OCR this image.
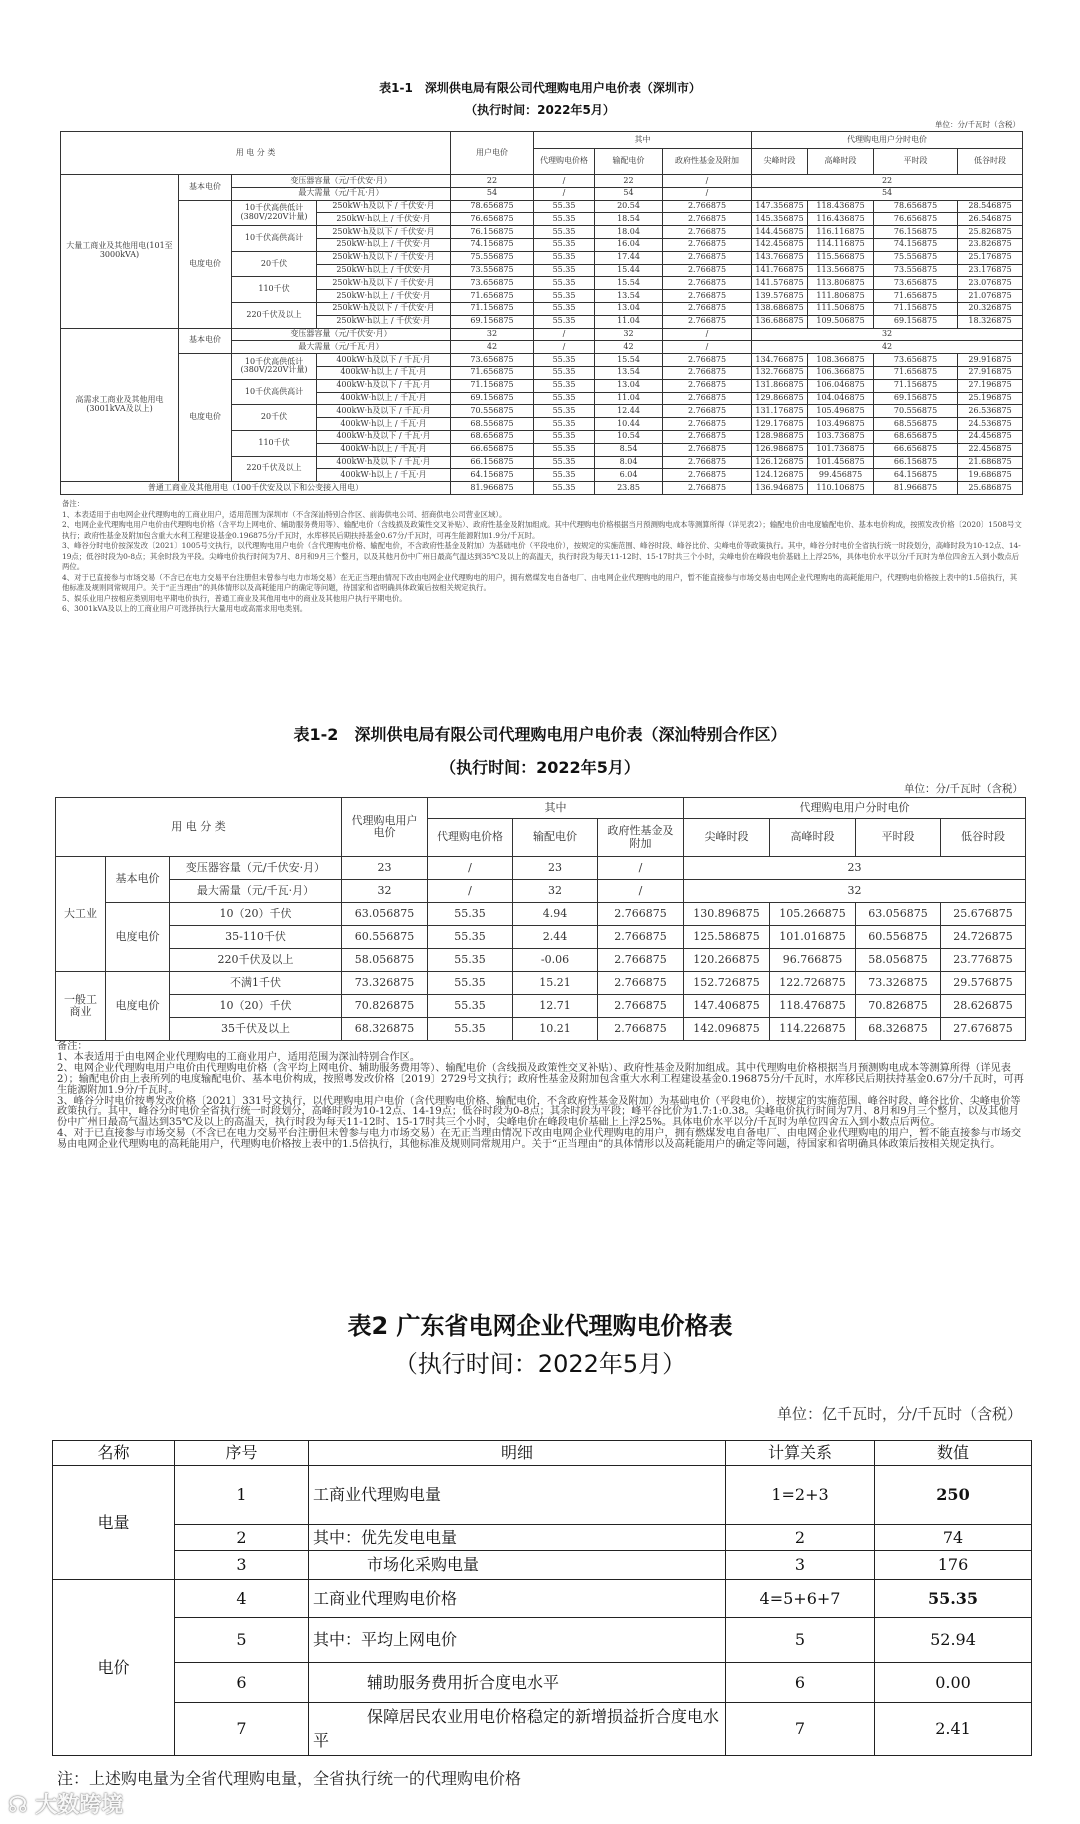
表1-1　深圳供电局有限公司代理购电用户电价表（深圳市）
（执行时间：2022年5月）
单位：分/千瓦时（含税）
用 电 分 类				用户电价	其中			代理购电用户分时电价			
					代理购电价格	输配电价	政府性基金及附加	尖峰时段	高峰时段	平时段	低谷时段
大量工商业及其他用电(101至3000kVA)	基本电价	变压器容量（元/千伏安·月）		22	/	22	/	22			
		最大需量（元/千瓦·月）		54	/	54	/	54			
	电度电价	10千伏高供低计
(380V/220V计量)	250kW·h及以下 / 千伏安·月	78.656875	55.35	20.54	2.766875	147.356875	118.436875	78.656875	28.546875
			250kW·h以上 / 千伏安·月	76.656875	55.35	18.54	2.766875	145.356875	116.436875	76.656875	26.546875
		10千伏高供高计	250kW·h及以下 / 千伏安·月	76.156875	55.35	18.04	2.766875	144.456875	116.116875	76.156875	25.826875
			250kW·h以上 / 千伏安·月	74.156875	55.35	16.04	2.766875	142.456875	114.116875	74.156875	23.826875
		20千伏	250kW·h及以下 / 千伏安·月	75.556875	55.35	17.44	2.766875	143.766875	115.566875	75.556875	25.176875
			250kW·h以上 / 千伏安·月	73.556875	55.35	15.44	2.766875	141.766875	113.566875	73.556875	23.176875
		110千伏	250kW·h及以下 / 千伏安·月	73.656875	55.35	15.54	2.766875	141.576875	113.806875	73.656875	23.076875
			250kW·h以上 / 千伏安·月	71.656875	55.35	13.54	2.766875	139.576875	111.806875	71.656875	21.076875
		220千伏及以上	250kW·h及以下 / 千伏安·月	71.156875	55.35	13.04	2.766875	138.686875	111.506875	71.156875	20.326875
			250kW·h以上 / 千伏安·月	69.156875	55.35	11.04	2.766875	136.686875	109.506875	69.156875	18.326875
高需求工商业及其他用电
(3001kVA及以上)	基本电价	变压器容量（元/千伏安·月）		32	/	32	/	32			
		最大需量（元/千瓦·月）		42	/	42	/	42			
	电度电价	10千伏高供低计
(380V/220V计量)	400kW·h及以下 / 千瓦·月	73.656875	55.35	15.54	2.766875	134.766875	108.366875	73.656875	29.916875
			400kW·h以上 / 千瓦·月	71.656875	55.35	13.54	2.766875	132.766875	106.366875	71.656875	27.916875
		10千伏高供高计	400kW·h及以下 / 千瓦·月	71.156875	55.35	13.04	2.766875	131.866875	106.046875	71.156875	27.196875
			400kW·h以上 / 千瓦·月	69.156875	55.35	11.04	2.766875	129.866875	104.046875	69.156875	25.196875
		20千伏	400kW·h及以下 / 千瓦·月	70.556875	55.35	12.44	2.766875	131.176875	105.496875	70.556875	26.536875
			400kW·h以上 / 千瓦·月	68.556875	55.35	10.44	2.766875	129.176875	103.496875	68.556875	24.536875
		110千伏	400kW·h及以下 / 千瓦·月	68.656875	55.35	10.54	2.766875	128.986875	103.736875	68.656875	24.456875
			400kW·h以上 / 千瓦·月	66.656875	55.35	8.54	2.766875	126.986875	101.736875	66.656875	22.456875
		220千伏及以上	400kW·h及以下 / 千瓦·月	66.156875	55.35	8.04	2.766875	126.126875	101.456875	66.156875	21.686875
			400kW·h以上 / 千瓦·月	64.156875	55.35	6.04	2.766875	124.126875	99.456875	64.156875	19.686875
普通工商业及其他用电（100千伏安及以下和公变接入用电）				81.966875	55.35	23.85	2.766875	136.946875	110.106875	81.966875	25.686875

备注：

1、本表适用于由电网企业代理购电的工商业用户，适用范围为深圳市（不含深汕特别合作区、前海供电公司、招商供电公司营业区域）。

2、电网企业代理购电用户电价由代理购电价格（含平均上网电价、辅助服务费用等）、输配电价（含线损及政策性交叉补贴）、政府性基金及附加组成。其中代理购电价格根据当月预测购电成本等测算所得（详见表2）；输配电价由电度输配电价、基本电价构成，按照发改价格〔2020〕1508号文执行；政府性基金及附加包含重大水利工程建设基金0.196875分/千瓦时，水库移民后期扶持基金0.67分/千瓦时，可再生能源附加1.9分/千瓦时。

3、峰谷分时电价按深发改〔2021〕1005号文执行，以代理购电用户电价（含代理购电价格、输配电价，不含政府性基金及附加）为基础电价（平段电价），按规定的实施范围、峰谷时段、峰谷比价、尖峰电价等政策执行。其中，峰谷分时电价全省执行统一时段划分，高峰时段为10-12点、14-19点；低谷时段为0-8点；其余时段为平段。尖峰电价执行时间为7月、8月和9月三个整月，以及其他月份中广州日最高气温达到35℃及以上的高温天，执行时段为每天11-12时、15-17时共三个小时，尖峰电价在峰段电价基础上上浮25%，具体电价水平以分/千瓦时为单位四舍五入到小数点后两位。

4、对于已直接参与市场交易（不含已在电力交易平台注册但未曾参与电力市场交易）在无正当理由情况下改由电网企业代理购电的用户，拥有燃煤发电自备电厂、由电网企业代理购电的用户，暂不能直接参与市场交易由电网企业代理购电的高耗能用户，代理购电价格按上表中的1.5倍执行，其他标准及规则同常规用户。关于“正当理由”的具体情形以及高耗能用户的确定等问题，待国家和省明确具体政策后按相关规定执行。

5、娱乐业用户按相应类别用电平期电价执行，普通工商业及其他用电中的商业及其他用户执行平期电价。

6、3001kVA及以上的工商业用户可选择执行大量用电或高需求用电类别。

表1-2　深圳供电局有限公司代理购电用户电价表（深汕特别合作区）
（执行时间：2022年5月）
单位：分/千瓦时（含税）
用 电 分 类			代理购电用户电价	其中			代理购电用户分时电价			
				代理购电价格	输配电价	政府性基金及附加	尖峰时段	高峰时段	平时段	低谷时段
大工业	基本电价	变压器容量（元/千伏安·月）	23	/	23	/	23			
		最大需量（元/千瓦·月）	32	/	32	/	32			
	电度电价	10（20）千伏	63.056875	55.35	4.94	2.766875	130.896875	105.266875	63.056875	25.676875
		35-110千伏	60.556875	55.35	2.44	2.766875	125.586875	101.016875	60.556875	24.726875
		220千伏及以上	58.056875	55.35	-0.06	2.766875	120.266875	96.766875	58.056875	23.776875
一般工
商业	电度电价	不满1千伏	73.326875	55.35	15.21	2.766875	152.726875	122.726875	73.326875	29.576875
		10（20）千伏	70.826875	55.35	12.71	2.766875	147.406875	118.476875	70.826875	28.626875
		35千伏及以上	68.326875	55.35	10.21	2.766875	142.096875	114.226875	68.326875	27.676875

备注：

1、本表适用于由电网企业代理购电的工商业用户，适用范围为深汕特别合作区。

2、电网企业代理购电用户电价由代理购电价格（含平均上网电价、辅助服务费用等）、输配电价（含线损及政策性交叉补贴）、政府性基金及附加组成。其中代理购电价格根据当月预测购电成本等测算所得（详见表2）；输配电价由上表所列的电度输配电价、基本电价构成，按照粤发改价格〔2019〕2729号文执行；政府性基金及附加包含重大水利工程建设基金0.196875分/千瓦时，水库移民后期扶持基金0.67分/千瓦时，可再生能源附加1.9分/千瓦时。

3、峰谷分时电价按粤发改价格〔2021〕331号文执行，以代理购电用户电价（含代理购电价格、输配电价，不含政府性基金及附加）为基础电价（平段电价），按规定的实施范围、峰谷时段、峰谷比价、尖峰电价等政策执行。其中，峰谷分时电价全省执行统一时段划分，高峰时段为10-12点、14-19点；低谷时段为0-8点；其余时段为平段；峰平谷比价为1.7:1:0.38。尖峰电价执行时间为7月、8月和9月三个整月，以及其他月份中广州日最高气温达到35℃及以上的高温天，执行时段为每天11-12时、15-17时共三个小时，尖峰电价在峰段电价基础上上浮25%。具体电价水平以分/千瓦时为单位四舍五入到小数点后两位。

4、对于已直接参与市场交易（不含已在电力交易平台注册但未曾参与电力市场交易）在无正当理由情况下改由电网企业代理购电的用户，拥有燃煤发电自备电厂、由电网企业代理购电的用户，暂不能直接参与市场交易由电网企业代理购电的高耗能用户，代理购电价格按上表中的1.5倍执行，其他标准及规则同常规用户。关于“正当理由”的具体情形以及高耗能用户的确定等问题，待国家和省明确具体政策后按相关规定执行。

表2 广东省电网企业代理购电价格表
（执行时间：2022年5月）
单位：亿千瓦时，分/千瓦时（含税）
名称	序号	明细	计算关系	数值
电量	1	工商业代理购电量	1=2+3	250
	2	其中：优先发电电量	2	74
	3	市场化采购电量	3	176
电价	4	工商业代理购电价格	4=5+6+7	55.35
	5	其中：平均上网电价	5	52.94
	6	辅助服务费用折合度电水平	6	0.00
	7	保障居民农业用电价格稳定的新增损益折合度电水平	7	2.41
注：上述购电量为全省代理购电量，全省执行统一的代理购电价格
☊ 大数跨境
